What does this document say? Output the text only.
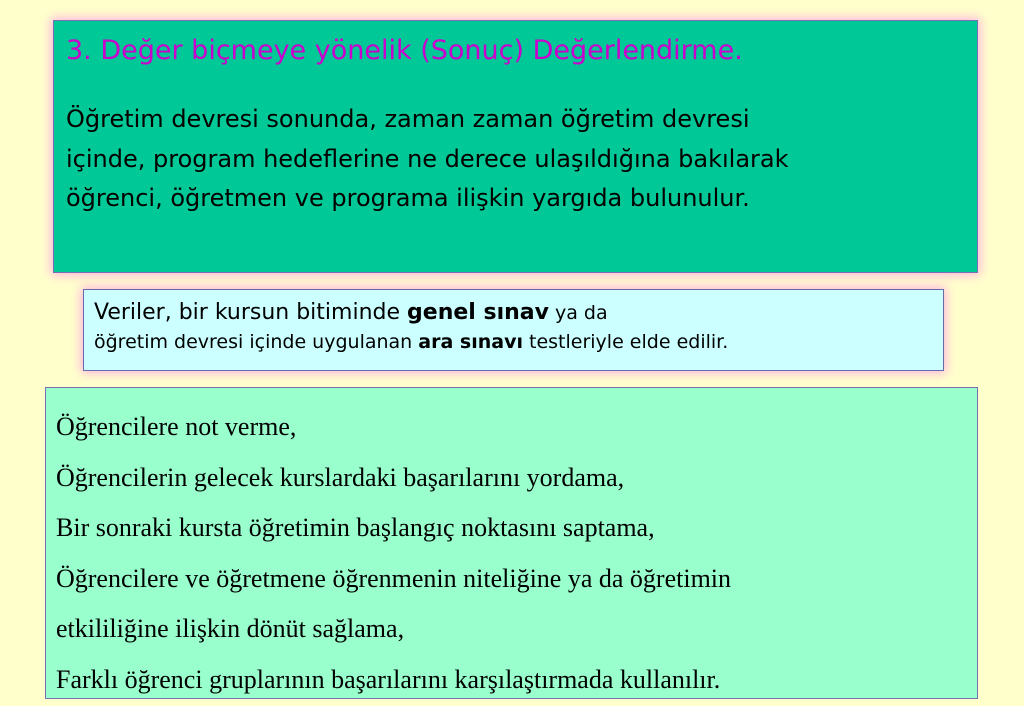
3. Değer biçmeye yönelik (Sonuç) Değerlendirme.
Öğretim devresi sonunda, zaman zaman öğretim devresi
içinde, program hedeflerine ne derece ulaşıldığına bakılarak
öğrenci, öğretmen ve programa ilişkin yargıda bulunulur.
Veriler, bir kursun bitiminde genel sınav ya da
öğretim devresi içinde uygulanan ara sınavı testleriyle elde edilir.
Öğrencilere not verme,
Öğrencilerin gelecek kurslardaki başarılarını yordama,
Bir sonraki kursta öğretimin başlangıç noktasını saptama,
Öğrencilere ve öğretmene öğrenmenin niteliğine ya da öğretimin
etkililiğine ilişkin dönüt sağlama,
Farklı öğrenci gruplarının başarılarını karşılaştırmada kullanılır.
